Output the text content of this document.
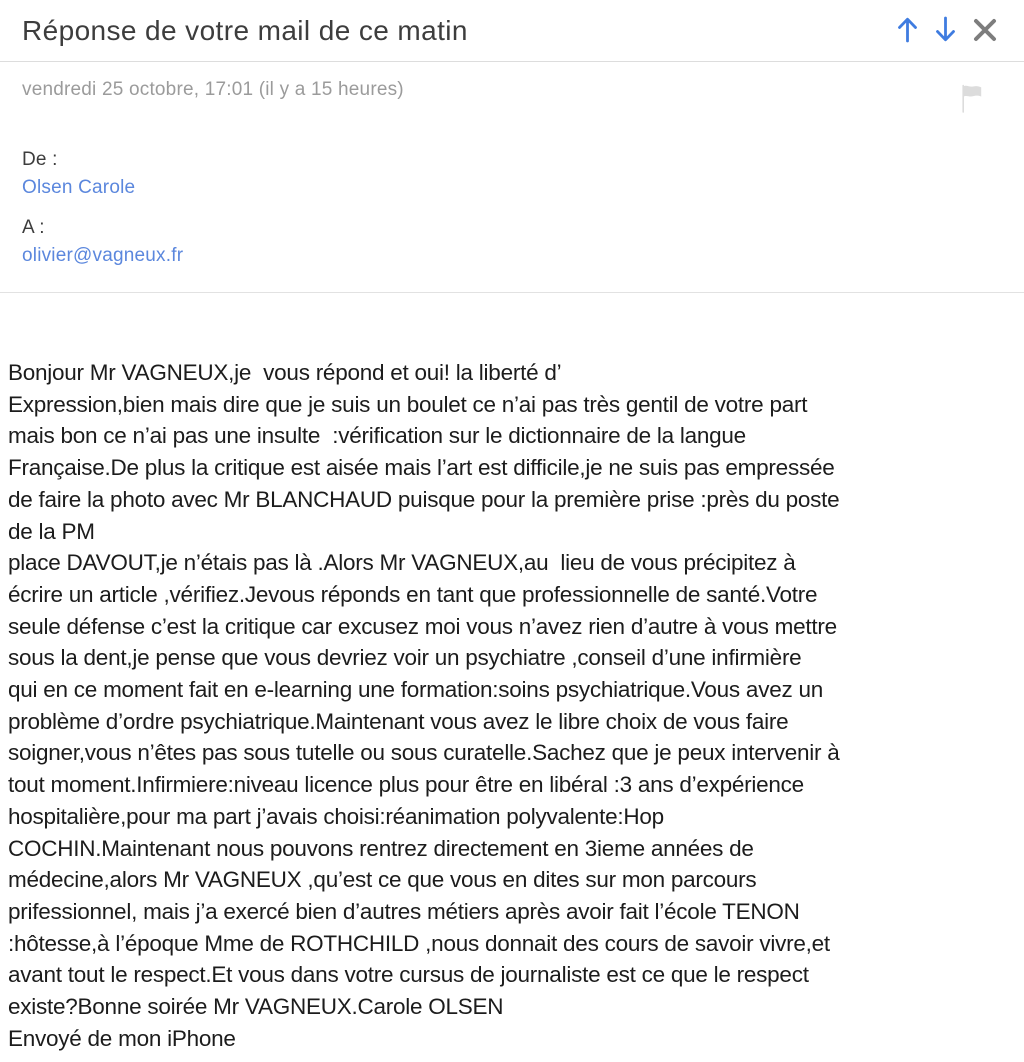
Réponse de votre mail de ce matin
vendredi 25 octobre, 17:01 (il y a 15 heures)
De :
Olsen Carole
A :
olivier@vagneux.fr
Bonjour Mr VAGNEUX,je  vous répond et oui! la liberté d’
Expression,bien mais dire que je suis un boulet ce n’ai pas très gentil de votre part
mais bon ce n’ai pas une insulte  :vérification sur le dictionnaire de la langue
Française.De plus la critique est aisée mais l’art est difficile,je ne suis pas empressée
de faire la photo avec Mr BLANCHAUD puisque pour la première prise :près du poste
de la PM
place DAVOUT,je n’étais pas là .Alors Mr VAGNEUX,au  lieu de vous précipitez à
écrire un article ,vérifiez.Jevous réponds en tant que professionnelle de santé.Votre
seule défense c’est la critique car excusez moi vous n’avez rien d’autre à vous mettre
sous la dent,je pense que vous devriez voir un psychiatre ,conseil d’une infirmière
qui en ce moment fait en e-learning une formation:soins psychiatrique.Vous avez un
problème d’ordre psychiatrique.Maintenant vous avez le libre choix de vous faire
soigner,vous n’êtes pas sous tutelle ou sous curatelle.Sachez que je peux intervenir à
tout moment.Infirmiere:niveau licence plus pour être en libéral :3 ans d’expérience
hospitalière,pour ma part j’avais choisi:réanimation polyvalente:Hop
COCHIN.Maintenant nous pouvons rentrez directement en 3ieme années de
médecine,alors Mr VAGNEUX ,qu’est ce que vous en dites sur mon parcours
prifessionnel, mais j’a exercé bien d’autres métiers après avoir fait l’école TENON
:hôtesse,à l’époque Mme de ROTHCHILD ,nous donnait des cours de savoir vivre,et
avant tout le respect.Et vous dans votre cursus de journaliste est ce que le respect
existe?Bonne soirée Mr VAGNEUX.Carole OLSEN
Envoyé de mon iPhone
